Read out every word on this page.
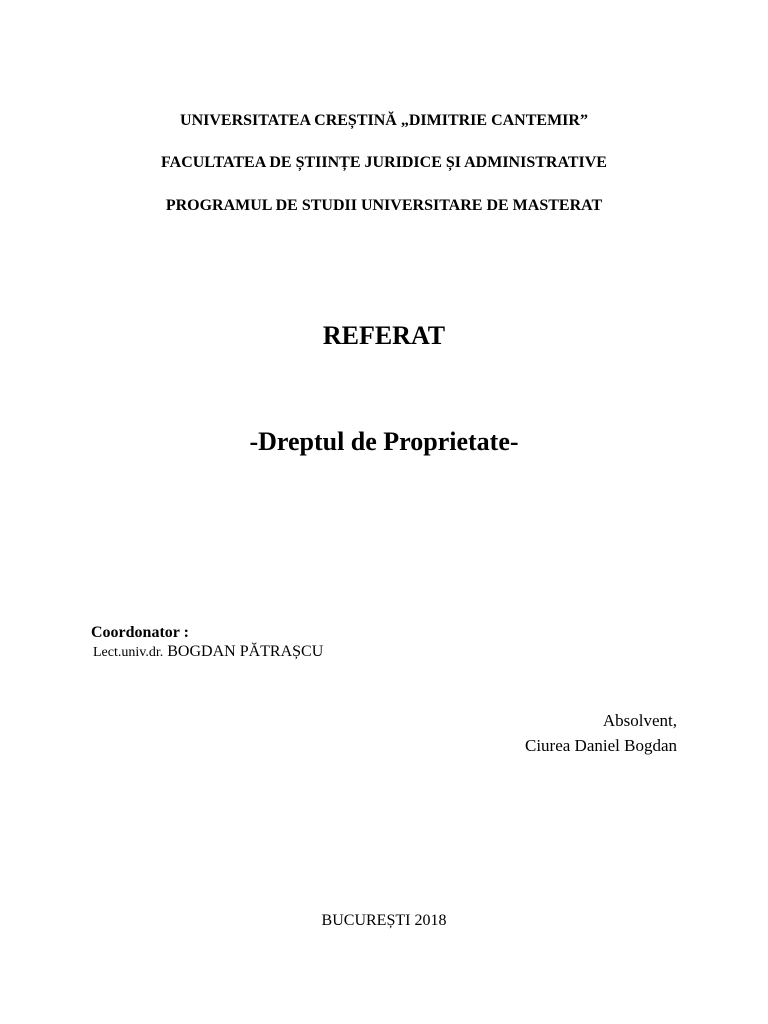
UNIVERSITATEA CREȘTINĂ „DIMITRIE CANTEMIR”
FACULTATEA DE ȘTIINȚE JURIDICE ȘI ADMINISTRATIVE
PROGRAMUL DE STUDII UNIVERSITARE DE MASTERAT
REFERAT
-Dreptul de Proprietate-
Coordonator :
Lect.univ.dr. BOGDAN PĂTRAȘCU
Absolvent,
Ciurea Daniel Bogdan
BUCUREȘTI 2018
